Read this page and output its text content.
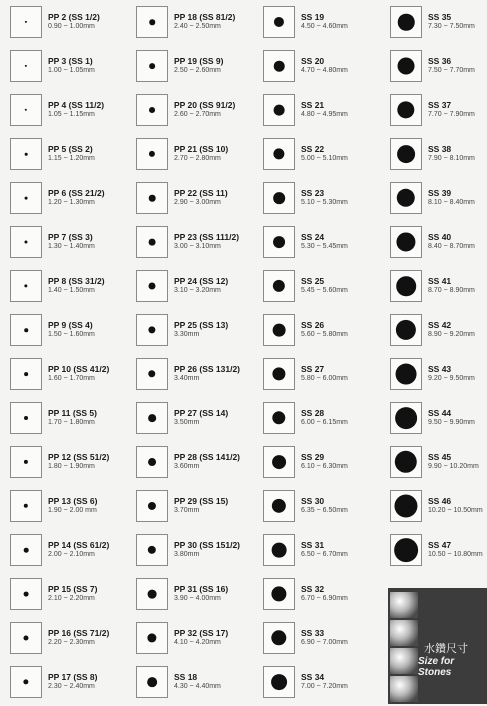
PP 2 (SS 1/2)
0.90 ~ 1.00mm
PP 3 (SS 1)
1.00 ~ 1.05mm
PP 4 (SS 11/2)
1.05 ~ 1.15mm
PP 5 (SS 2)
1.15 ~ 1.20mm
PP 6 (SS 21/2)
1.20 ~ 1.30mm
PP 7 (SS 3)
1.30 ~ 1.40mm
PP 8 (SS 31/2)
1.40 ~ 1.50mm
PP 9 (SS 4)
1.50 ~ 1.60mm
PP 10 (SS 41/2)
1.60 ~ 1.70mm
PP 11 (SS 5)
1.70 ~ 1.80mm
PP 12 (SS 51/2)
1.80 ~ 1.90mm
PP 13 (SS 6)
1.90 ~ 2.00 mm
PP 14 (SS 61/2)
2.00 ~ 2.10mm
PP 15 (SS 7)
2.10 ~ 2.20mm
PP 16 (SS 71/2)
2.20 ~ 2.30mm
PP 17 (SS 8)
2.30 ~ 2.40mm
PP 18 (SS 81/2)
2.40 ~ 2.50mm
PP 19 (SS 9)
2.50 ~ 2.60mm
PP 20 (SS 91/2)
2.60 ~ 2.70mm
PP 21 (SS 10)
2.70 ~ 2.80mm
PP 22 (SS 11)
2.90 ~ 3.00mm
PP 23 (SS 111/2)
3.00 ~ 3.10mm
PP 24 (SS 12)
3.10 ~ 3.20mm
PP 25 (SS 13)
3.30mm
PP 26 (SS 131/2)
3.40mm
PP 27 (SS 14)
3.50mm
PP 28 (SS 141/2)
3.60mm
PP 29 (SS 15)
3.70mm
PP 30 (SS 151/2)
3.80mm
PP 31 (SS 16)
3.90 ~ 4.00mm
PP 32 (SS 17)
4.10 ~ 4.20mm
SS 18
4.30 ~ 4.40mm
SS 19
4.50 ~ 4.60mm
SS 20
4.70 ~ 4.80mm
SS 21
4.80 ~ 4.95mm
SS 22
5.00 ~ 5.10mm
SS 23
5.10 ~ 5.30mm
SS 24
5.30 ~ 5.45mm
SS 25
5.45 ~ 5.60mm
SS 26
5.60 ~ 5.80mm
SS 27
5.80 ~ 6.00mm
SS 28
6.00 ~ 6.15mm
SS 29
6.10 ~ 6.30mm
SS 30
6.35 ~ 6.50mm
SS 31
6.50 ~ 6.70mm
SS 32
6.70 ~ 6.90mm
SS 33
6.90 ~ 7.00mm
SS 34
7.00 ~ 7.20mm
SS 35
7.30 ~ 7.50mm
SS 36
7.50 ~ 7.70mm
SS 37
7.70 ~ 7.90mm
SS 38
7.90 ~ 8.10mm
SS 39
8.10 ~ 8.40mm
SS 40
8.40 ~ 8.70mm
SS 41
8.70 ~ 8.90mm
SS 42
8.90 ~ 9.20mm
SS 43
9.20 ~ 9.50mm
SS 44
9.50 ~ 9.90mm
SS 45
9.90 ~ 10.20mm
SS 46
10.20 ~ 10.50mm
SS 47
10.50 ~ 10.80mm
水鑽尺寸
Size for Stones
